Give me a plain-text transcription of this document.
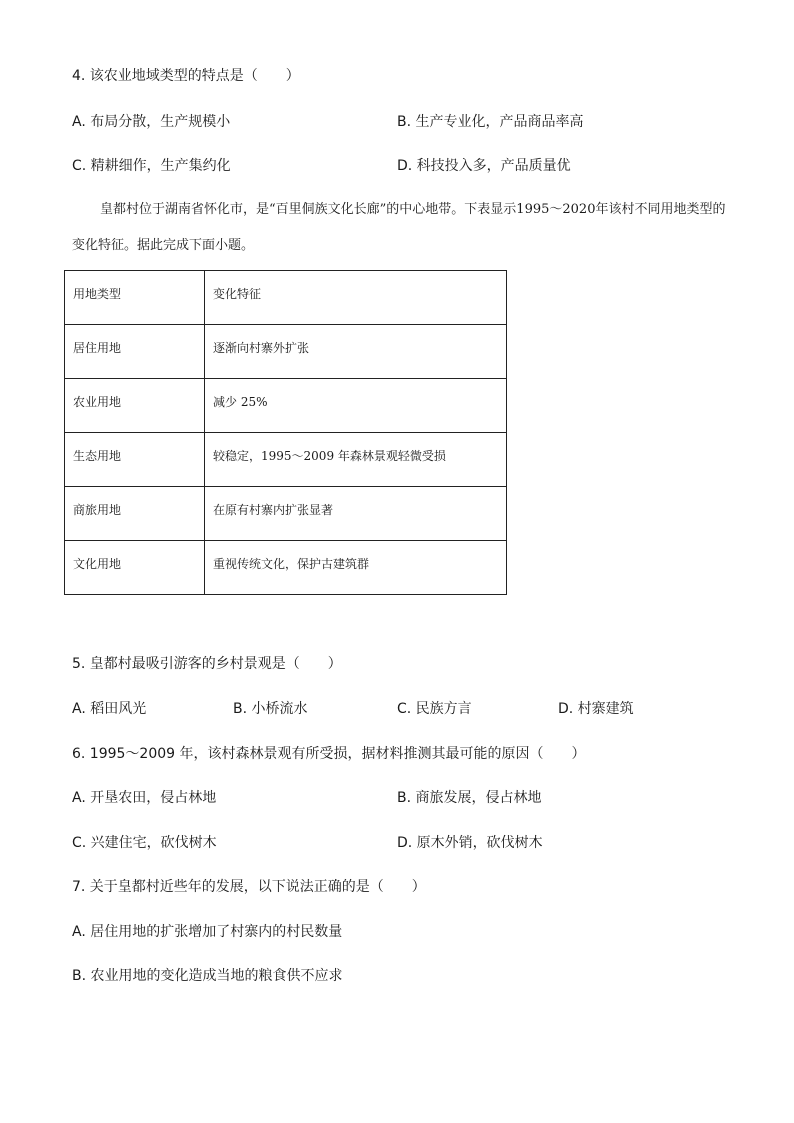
4. 该农业地域类型的特点是（　　）
A. 布局分散，生产规模小	B. 生产专业化，产品商品率高
C. 精耕细作，生产集约化	D. 科技投入多，产品质量优
皇都村位于湖南省怀化市，是“百里侗族文化长廊”的中心地带。下表显示1995～2020年该村不同用地类型的变化特征。据此完成下面小题。
用地类型	变化特征
居住用地	逐渐向村寨外扩张
农业用地	减少 25%
生态用地	较稳定，1995～2009 年森林景观轻微受损
商旅用地	在原有村寨内扩张显著
文化用地	重视传统文化，保护古建筑群
5. 皇都村最吸引游客的乡村景观是（　　）
A. 稻田风光	B. 小桥流水	C. 民族方言	D. 村寨建筑
6. 1995～2009 年，该村森林景观有所受损，据材料推测其最可能的原因（　　）
A. 开垦农田，侵占林地	B. 商旅发展，侵占林地
C. 兴建住宅，砍伐树木	D. 原木外销，砍伐树木
7. 关于皇都村近些年的发展，以下说法正确的是（　　）
A. 居住用地的扩张增加了村寨内的村民数量
B. 农业用地的变化造成当地的粮食供不应求
